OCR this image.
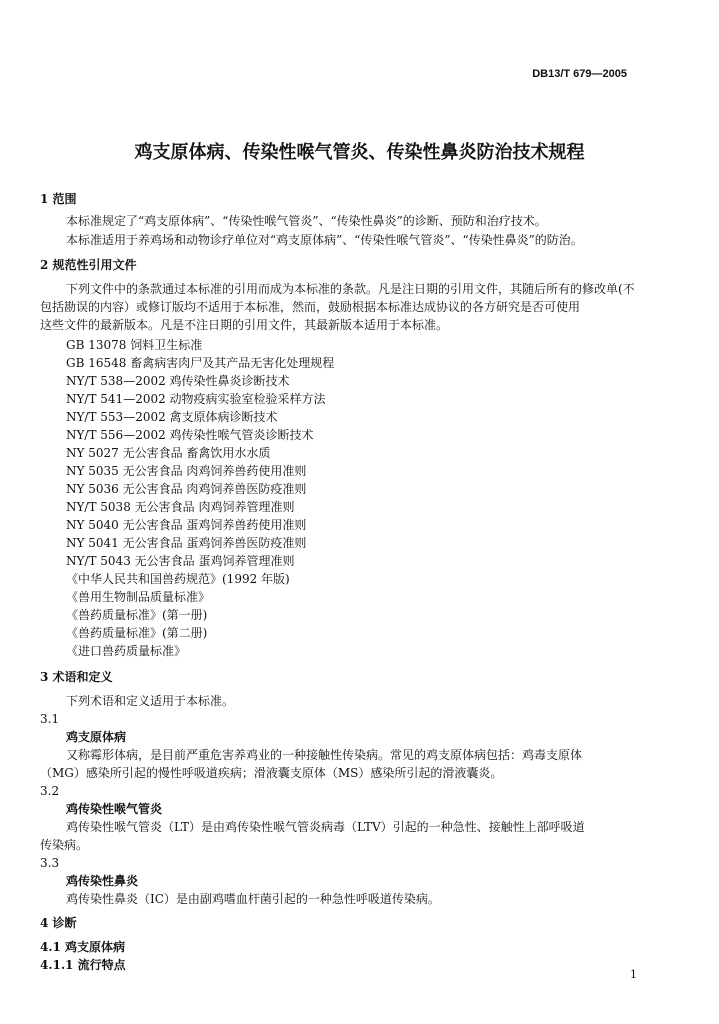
DB13/T 679—2005
鸡支原体病、传染性喉气管炎、传染性鼻炎防治技术规程
1 范围
本标准规定了“鸡支原体病”、“传染性喉气管炎”、“传染性鼻炎”的诊断、预防和治疗技术。
本标准适用于养鸡场和动物诊疗单位对“鸡支原体病”、“传染性喉气管炎”、“传染性鼻炎”的防治。
2 规范性引用文件
下列文件中的条款通过本标准的引用而成为本标准的条款。凡是注日期的引用文件，其随后所有的修改单(不
包括勘误的内容）或修订版均不适用于本标准，然而，鼓励根据本标准达成协议的各方研究是否可使用
这些文件的最新版本。凡是不注日期的引用文件，其最新版本适用于本标准。
GB 13078 饲料卫生标准
GB 16548 畜禽病害肉尸及其产品无害化处理规程
NY/T 538—2002 鸡传染性鼻炎诊断技术
NY/T 541—2002 动物疫病实验室检验采样方法
NY/T 553—2002 禽支原体病诊断技术
NY/T 556—2002 鸡传染性喉气管炎诊断技术
NY 5027 无公害食品 畜禽饮用水水质
NY 5035 无公害食品 肉鸡饲养兽药使用准则
NY 5036 无公害食品 肉鸡饲养兽医防疫准则
NY/T 5038 无公害食品 肉鸡饲养管理准则
NY 5040 无公害食品 蛋鸡饲养兽药使用准则
NY 5041 无公害食品 蛋鸡饲养兽医防疫准则
NY/T 5043 无公害食品 蛋鸡饲养管理准则
《中华人民共和国兽药规范》(1992 年版)
《兽用生物制品质量标准》
《兽药质量标准》(第一册)
《兽药质量标准》(第二册)
《进口兽药质量标准》
3 术语和定义
下列术语和定义适用于本标准。
3.1
鸡支原体病
又称霉形体病，是目前严重危害养鸡业的一种接触性传染病。常见的鸡支原体病包括：鸡毒支原体
（MG）感染所引起的慢性呼吸道疾病；滑液囊支原体（MS）感染所引起的滑液囊炎。
3.2
鸡传染性喉气管炎
鸡传染性喉气管炎（LT）是由鸡传染性喉气管炎病毒（LTV）引起的一种急性、接触性上部呼吸道
传染病。
3.3
鸡传染性鼻炎
鸡传染性鼻炎（IC）是由副鸡嗜血杆菌引起的一种急性呼吸道传染病。
4 诊断
4.1 鸡支原体病
4.1.1 流行特点
1
